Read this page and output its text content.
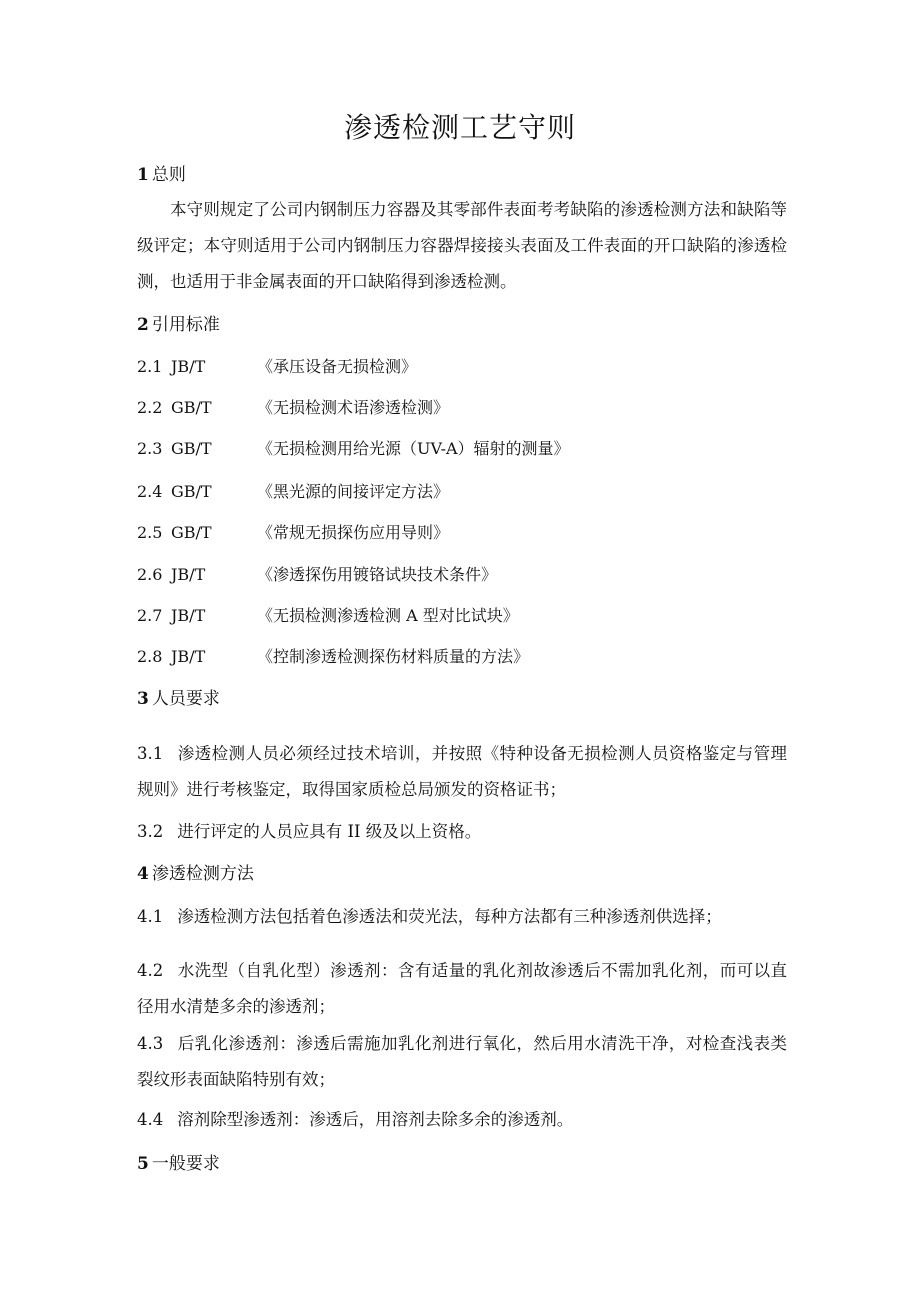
渗透检测工艺守则
1 总则
本守则规定了公司内钢制压力容器及其零部件表面考考缺陷的渗透检测方法和缺陷等级评定；本守则适用于公司内钢制压力容器焊接接头表面及工件表面的开口缺陷的渗透检测，也适用于非金属表面的开口缺陷得到渗透检测。
2 引用标准
2.1 JB/T	《承压设备无损检测》
2.2 GB/T	《无损检测术语渗透检测》
2.3 GB/T	《无损检测用给光源（UV-A）辐射的测量》
2.4 GB/T	《黑光源的间接评定方法》
2.5 GB/T	《常规无损探伤应用导则》
2.6 JB/T	《渗透探伤用镀铬试块技术条件》
2.7 JB/T	《无损检测渗透检测 A 型对比试块》
2.8 JB/T	《控制渗透检测探伤材料质量的方法》
3 人员要求
3.1 渗透检测人员必须经过技术培训，并按照《特种设备无损检测人员资格鉴定与管理规则》进行考核鉴定，取得国家质检总局颁发的资格证书；
3.2 进行评定的人员应具有 II 级及以上资格。
4 渗透检测方法
4.1 渗透检测方法包括着色渗透法和荧光法，每种方法都有三种渗透剂供选择；
4.2 水洗型（自乳化型）渗透剂：含有适量的乳化剂故渗透后不需加乳化剂，而可以直径用水清楚多余的渗透剂；
4.3 后乳化渗透剂：渗透后需施加乳化剂进行氧化，然后用水清洗干净，对检查浅表类裂纹形表面缺陷特别有效；
4.4 溶剂除型渗透剂：渗透后，用溶剂去除多余的渗透剂。
5 一般要求
